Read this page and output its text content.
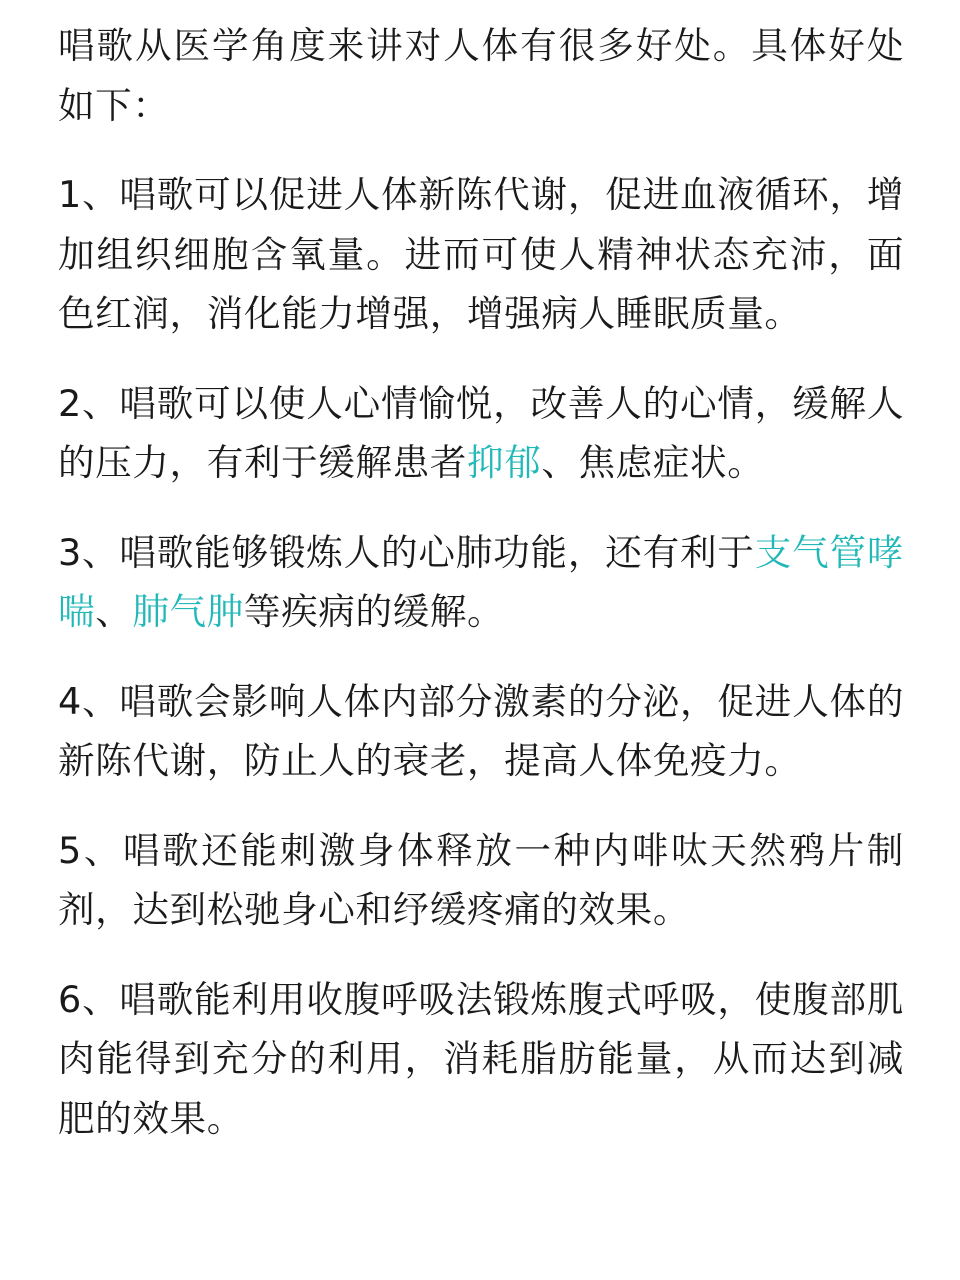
唱歌从医学角度来讲对人体有很多好处。具体好处如下：

1、唱歌可以促进人体新陈代谢，促进血液循环，增加组织细胞含氧量。进而可使人精神状态充沛，面色红润，消化能力增强，增强病人睡眠质量。

2、唱歌可以使人心情愉悦，改善人的心情，缓解人的压力，有利于缓解患者抑郁、焦虑症状。

3、唱歌能够锻炼人的心肺功能，还有利于支气管哮喘、肺气肿等疾病的缓解。

4、唱歌会影响人体内部分激素的分泌，促进人体的新陈代谢，防止人的衰老，提高人体免疫力。

5、唱歌还能刺激身体释放一种内啡呔天然鸦片制剂，达到松驰身心和纾缓疼痛的效果。

6、唱歌能利用收腹呼吸法锻炼腹式呼吸，使腹部肌肉能得到充分的利用，消耗脂肪能量，从而达到减肥的效果。
